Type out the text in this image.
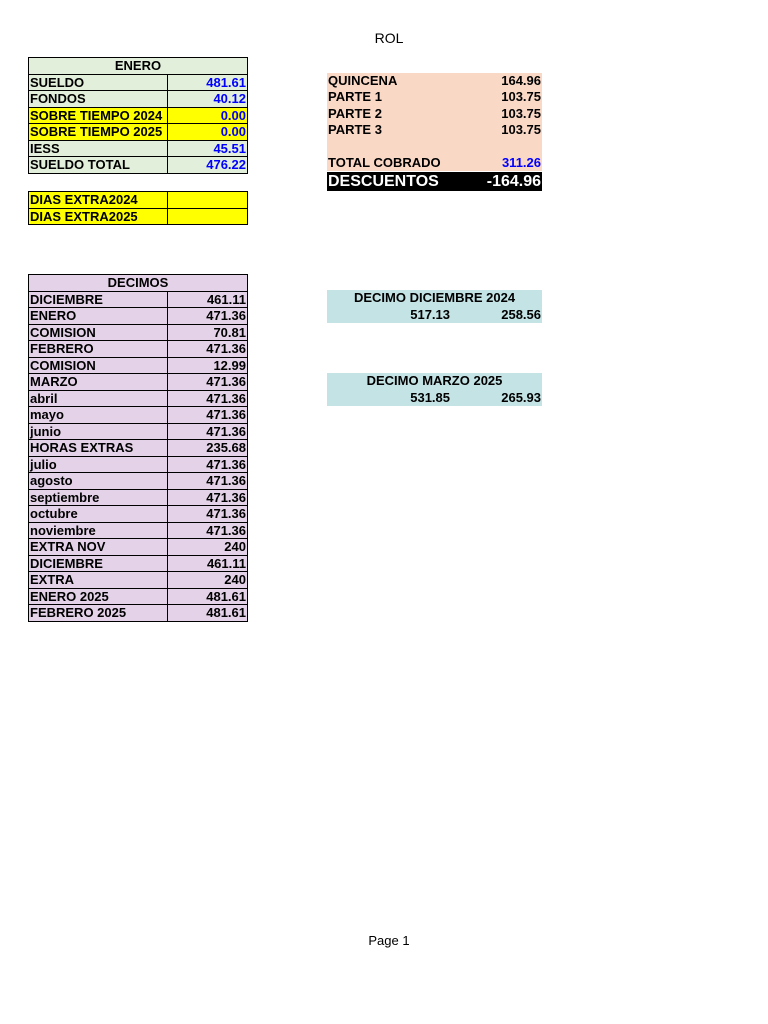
ROL
ENERO	
SUELDO	481.61
FONDOS	40.12
SOBRE TIEMPO 2024	0.00
SOBRE TIEMPO 2025	0.00
IESS	45.51
SUELDO TOTAL	476.22
DIAS EXTRA2024	
DIAS EXTRA2025	
QUINCENA	164.96
PARTE 1	103.75
PARTE 2	103.75
PARTE 3	103.75
TOTAL COBRADO	311.26
DESCUENTOS	-164.96
DECIMOS	
DICIEMBRE	461.11
ENERO	471.36
COMISION	70.81
FEBRERO	471.36
COMISION	12.99
MARZO	471.36
abril	471.36
mayo	471.36
junio	471.36
HORAS EXTRAS	235.68
julio	471.36
agosto	471.36
septiembre	471.36
octubre	471.36
noviembre	471.36
EXTRA NOV	240
DICIEMBRE	461.11
EXTRA	240
ENERO 2025	481.61
FEBRERO 2025	481.61
DECIMO DICIEMBRE 2024
517.13	258.56
DECIMO MARZO 2025
531.85	265.93
Page 1
